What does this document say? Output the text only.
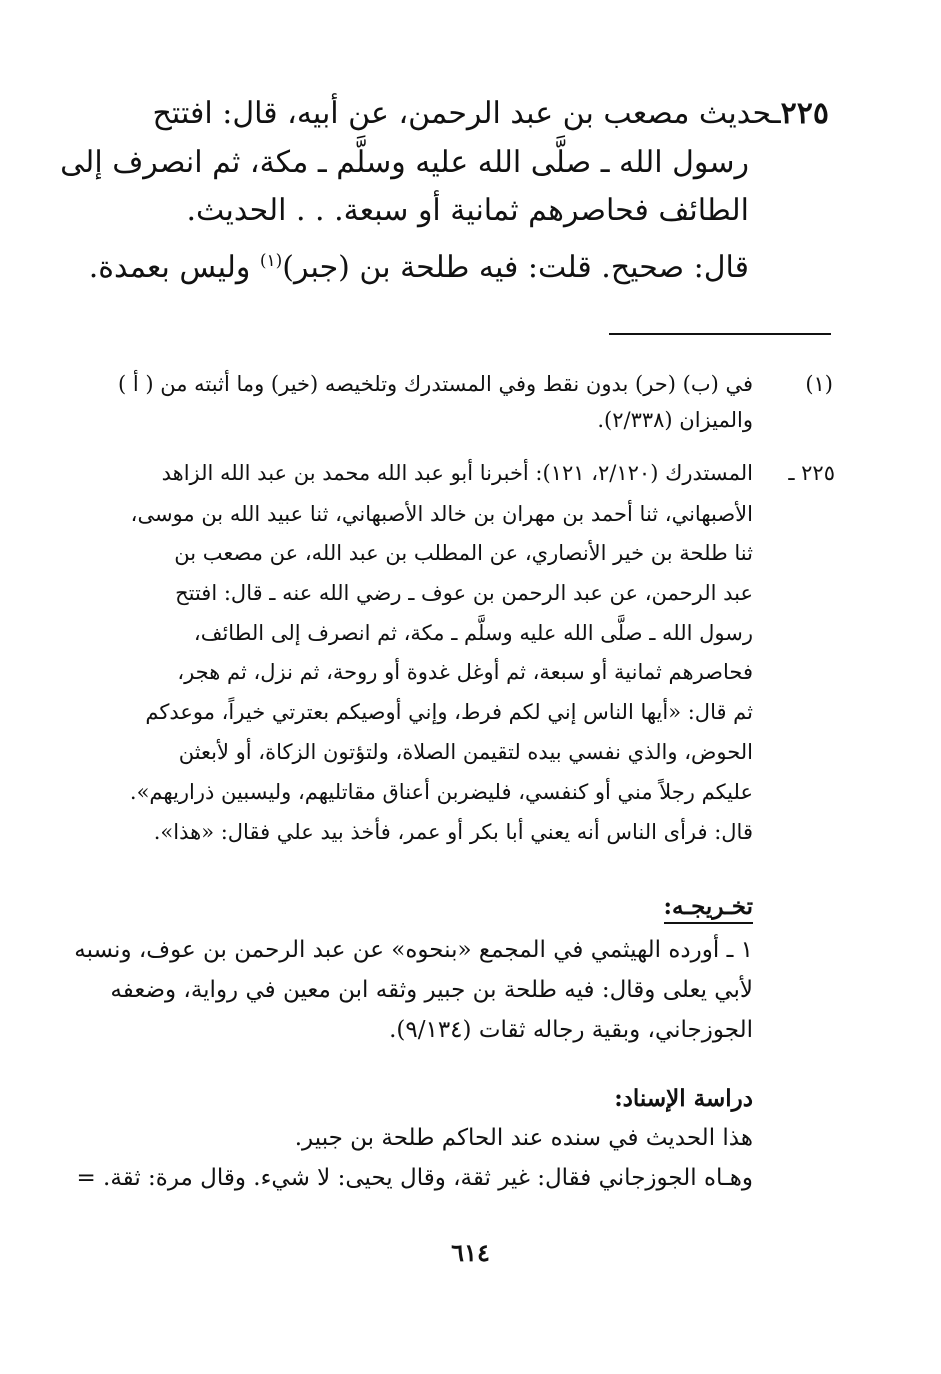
٢٢٥ـحديث مصعب بن عبد الرحمن، عن أبيه، قال: افتتح
رسول الله ـ صلَّى الله عليه وسلَّم ـ مكة، ثم انصرف إلى
الطائف فحاصرهم ثمانية أو سبعة. . . الحديث.
قال: صحيح. قلت: فيه طلحة بن (جبر)$^{(١)}$ وليس بعمدة.
(١)
في (ب) (حر) بدون نقط وفي المستدرك وتلخيصه (خير) وما أثبته من ( أ )
والميزان (٢/٣٣٨).
٢٢٥ ـ
المستدرك (٢/١٢٠، ١٢١): أخبرنا أبو عبد الله محمد بن عبد الله الزاهد
الأصبهاني، ثنا أحمد بن مهران بن خالد الأصبهاني، ثنا عبيد الله بن موسى،
ثنا طلحة بن خير الأنصاري، عن المطلب بن عبد الله، عن مصعب بن
عبد الرحمن، عن عبد الرحمن بن عوف ـ رضي الله عنه ـ قال: افتتح
رسول الله ـ صلَّى الله عليه وسلَّم ـ مكة، ثم انصرف إلى الطائف،
فحاصرهم ثمانية أو سبعة، ثم أوغل غدوة أو روحة، ثم نزل، ثم هجر،
ثم قال: «أيها الناس إني لكم فرط، وإني أوصيكم بعترتي خيراً، موعدكم
الحوض، والذي نفسي بيده لتقيمن الصلاة، ولتؤتون الزكاة، أو لأبعثن
عليكم رجلاً مني أو كنفسي، فليضربن أعناق مقاتليهم، وليسبين ذراريهم».
قال: فرأى الناس أنه يعني أبا بكر أو عمر، فأخذ بيد علي فقال: «هذا».
تخـريجـه:
١ ـ أورده الهيثمي في المجمع «بنحوه» عن عبد الرحمن بن عوف، ونسبه
لأبي يعلى وقال: فيه طلحة بن جبير وثقه ابن معين في رواية، وضعفه
الجوزجاني، وبقية رجاله ثقات (٩/١٣٤).
دراسة الإسناد:
هذا الحديث في سنده عند الحاكم طلحة بن جبير.
وهـاه الجوزجاني فقال: غير ثقة، وقال يحيى: لا شيء. وقال مرة: ثقة. =
٦١٤
